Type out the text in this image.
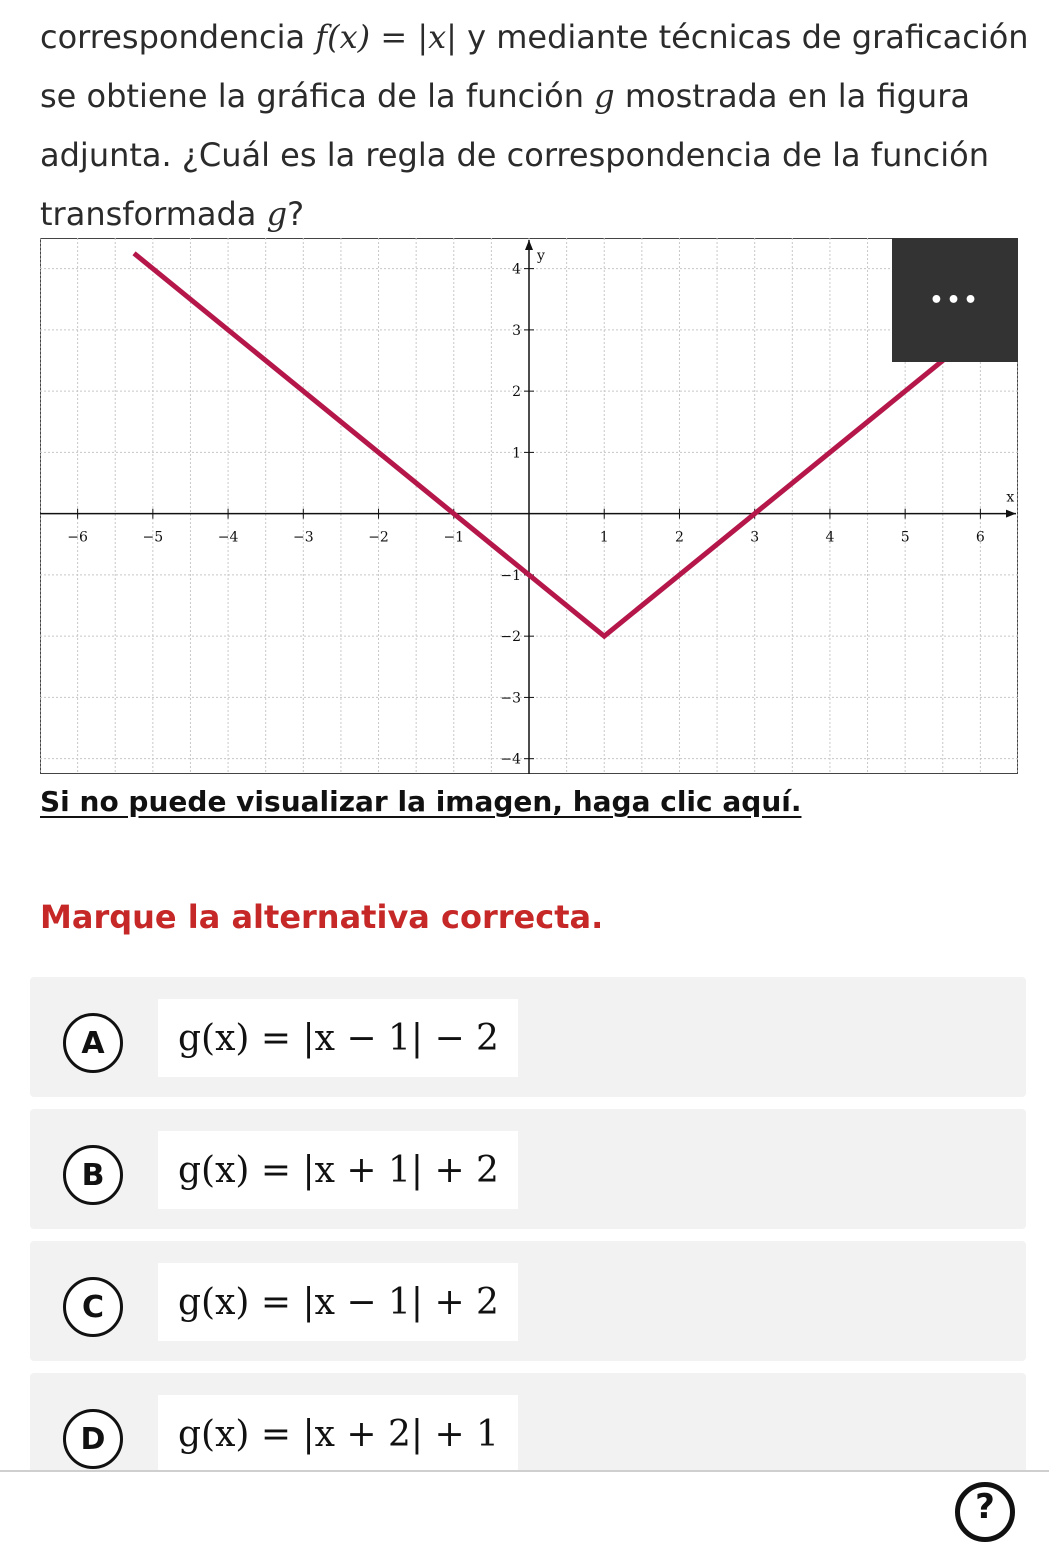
correspondencia f(x) = |x| y mediante técnicas de graficación se obtiene la gráfica de la función g mostrada en la figura adjunta. ¿Cuál es la regla de correspondencia de la función transformada g?
x
y
−6	−5	−4	−3	−2	−1	1	2	3	4	5	6
−4
−3
−2
−1
1
2
3
4
•••
Si no puede visualizar la imagen, haga clic aquí.
Marque la alternativa correcta.
A	g(x) = |x − 1| − 2
B	g(x) = |x + 1| + 2
C	g(x) = |x − 1| + 2
D	g(x) = |x + 2| + 1
?
